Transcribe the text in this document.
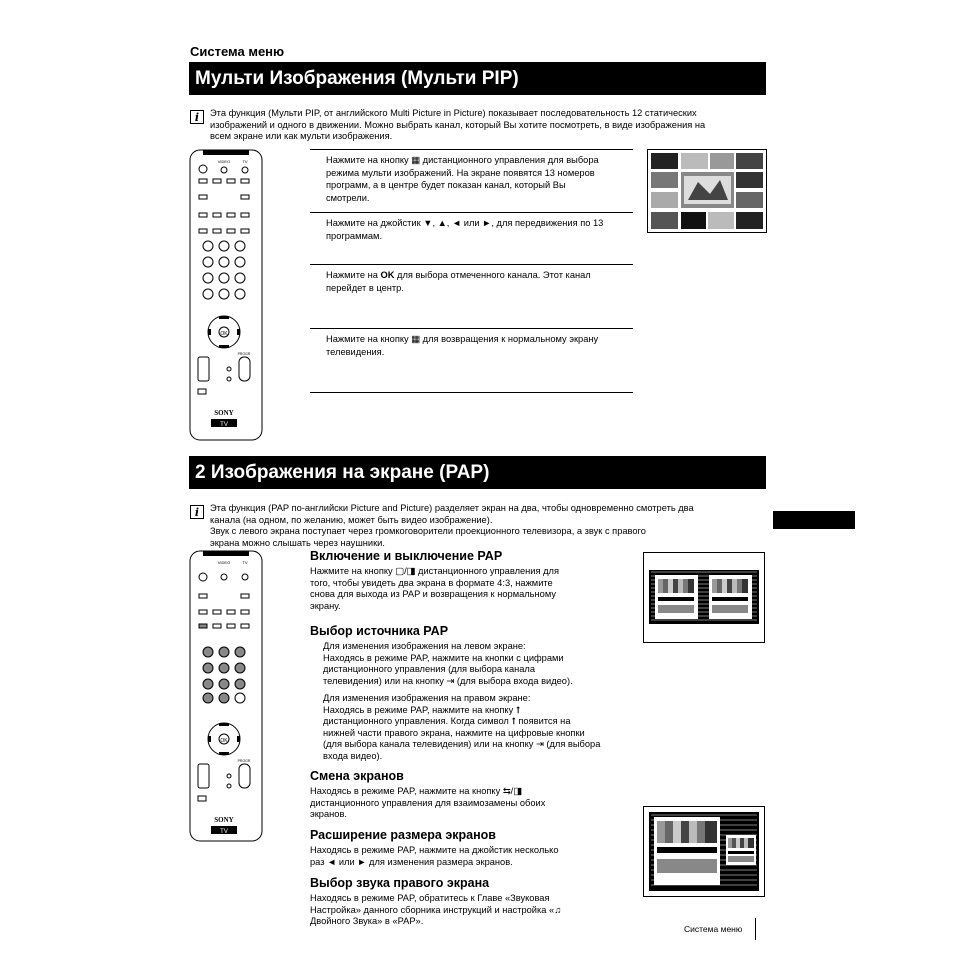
Система меню
Мульти Изображения (Мульти PIP)
i	Эта функция (Мульти PIP, от английского Multi Picture in Picture) показывает последовательность 12 статических
изображений и одного в движении. Можно выбрать канал, который Вы хотите посмотреть, в виде изображения на
всем экране или как мульти изображения.
VIDEO	TV
OK
PROGR
SONY
TV
Нажмите на кнопку ▦ дистанционного управления для выбора
режима мульти изображений. На экране появятся 13 номеров
программ, а в центре будет показан канал, который Вы
смотрели.
Нажмите на джойстик ▼, ▲, ◄ или ►, для передвижения по 13
программам.
Нажмите на OK для выбора отмеченного канала. Этот канал
перейдет в центр.
Нажмите на кнопку ▦ для возвращения к нормальному экрану
телевидения.
2 Изображения на экране (PAP)
i	Эта функция (PAP по-английски Picture and Picture) разделяет экран на два, чтобы одновременно смотреть два
канала (на одном, по желанию, может быть видео изображение).
Звук с левого экрана поступает через громкоговорители проекционного телевизора, а звук с правого
экрана можно слышать через наушники.
VIDEO	TV
OK
PROGR
SONY
TV
Включение и выключение PAP
Нажмите на кнопку ▢/◨ дистанционного управления для
того, чтобы увидеть два экрана в формате 4:3, нажмите
снова для выхода из PAP и возвращения к нормальному
экрану.
Выбор источника PAP
Для изменения изображения на левом экране:
Находясь в режиме PAP, нажмите на кнопки с цифрами
дистанционного управления (для выбора канала
телевидения) или на кнопку ⇥ (для выбора входа видео).
Для изменения изображения на правом экране:
Находясь в режиме PAP, нажмите на кнопку ⭡
дистанционного управления. Когда символ ⭡ появится на
нижней части правого экрана, нажмите на цифровые кнопки
(для выбора канала телевидения) или на кнопку ⇥ (для выбора
входа видео).
Смена экранов
Находясь в режиме PAP, нажмите на кнопку ⇆/◨
дистанционного управления для взаимозамены обоих
экранов.
Расширение размера экранов
Находясь в режиме PAP, нажмите на джойстик несколько
раз ◄ или ► для изменения размера экранов.
Выбор звука правого экрана
Находясь в режиме PAP, обратитесь к Главе «Звуковая
Настройка» данного сборника инструкций и настройка «♫
Двойного Звука» в «PAP».
Система меню
